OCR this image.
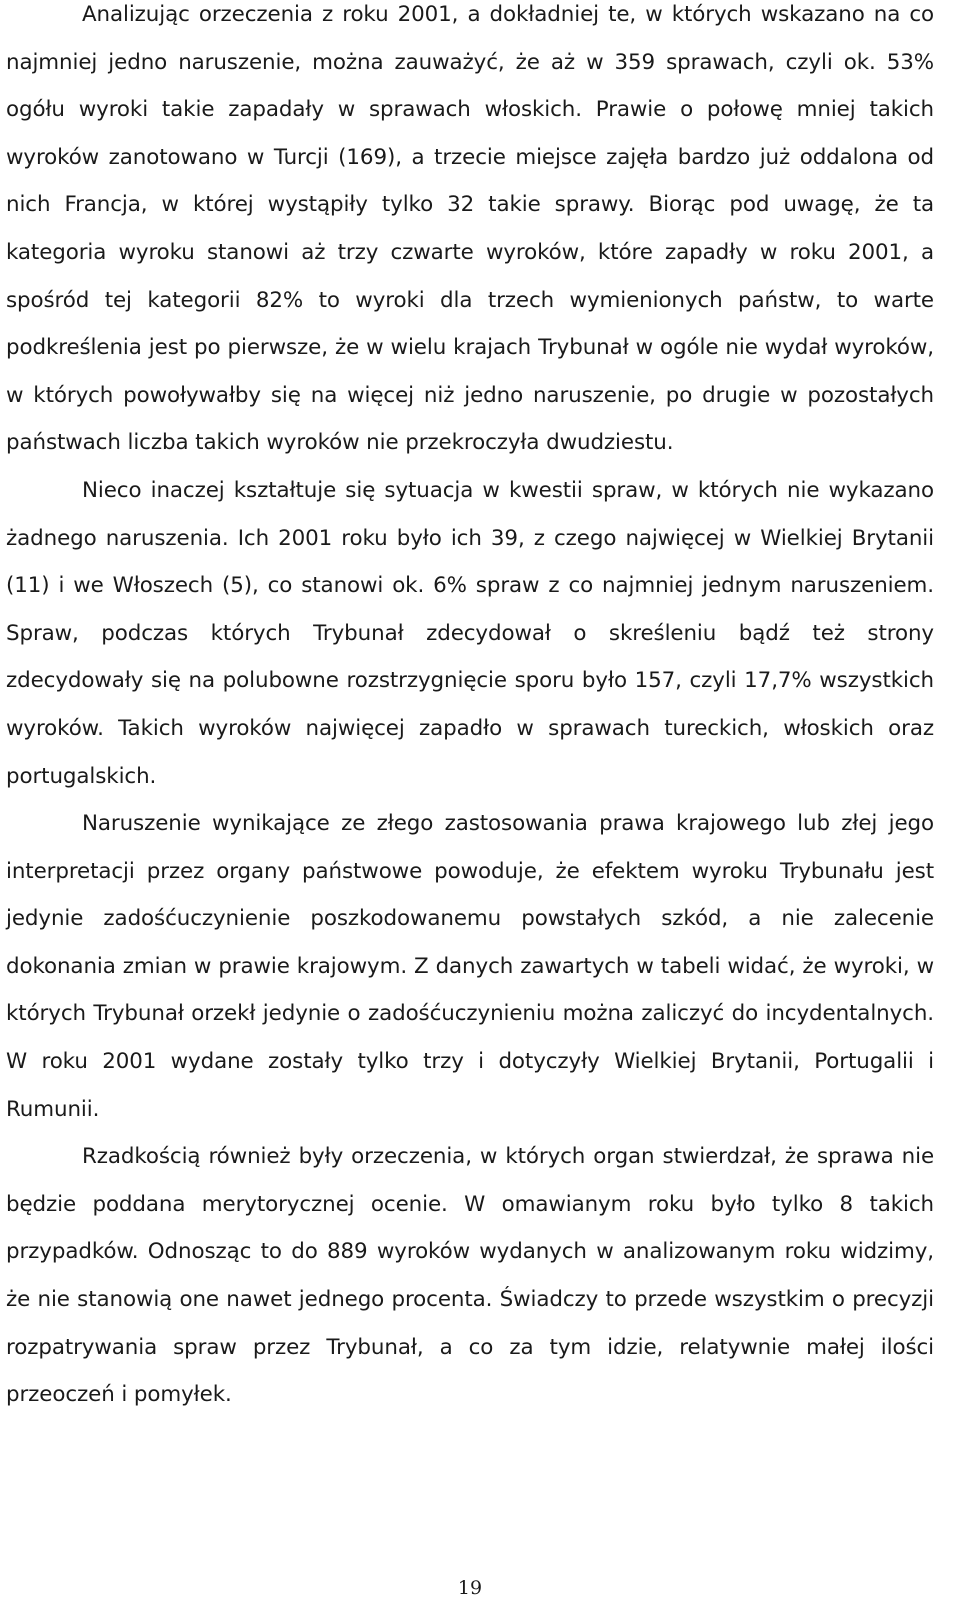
Analizując orzeczenia z roku 2001, a dokładniej te, w których wskazano na co najmniej jedno naruszenie, można zauważyć, że aż w 359 sprawach, czyli ok. 53% ogółu wyroki takie zapadały w sprawach włoskich. Prawie o połowę mniej takich wyroków zanotowano w Turcji (169), a trzecie miejsce zajęła bardzo już oddalona od nich Francja, w której wystąpiły tylko 32 takie sprawy. Biorąc pod uwagę, że ta kategoria wyroku stanowi aż trzy czwarte wyroków, które zapadły w roku 2001, a spośród tej kategorii 82% to wyroki dla trzech wymienionych państw, to warte podkreślenia jest po pierwsze, że w wielu krajach Trybunał w ogóle nie wydał wyroków, w których powoływałby się na więcej niż jedno naruszenie, po drugie w pozostałych państwach liczba takich wyroków nie przekroczyła dwudziestu.

Nieco inaczej kształtuje się sytuacja w kwestii spraw, w których nie wykazano żadnego naruszenia. Ich 2001 roku było ich 39, z czego najwięcej w Wielkiej Brytanii (11) i we Włoszech (5), co stanowi ok. 6% spraw z co najmniej jednym naruszeniem. Spraw, podczas których Trybunał zdecydował o skreśleniu bądź też strony zdecydowały się na polubowne rozstrzygnięcie sporu było 157, czyli 17,7% wszystkich wyroków. Takich wyroków najwięcej zapadło w sprawach tureckich, włoskich oraz portugalskich.

Naruszenie wynikające ze złego zastosowania prawa krajowego lub złej jego interpretacji przez organy państwowe powoduje, że efektem wyroku Trybunału jest jedynie zadośćuczynienie poszkodowanemu powstałych szkód, a nie zalecenie dokonania zmian w prawie krajowym. Z danych zawartych w tabeli widać, że wyroki, w których Trybunał orzekł jedynie o zadośćuczynieniu można zaliczyć do incydentalnych. W roku 2001 wydane zostały tylko trzy i dotyczyły Wielkiej Brytanii, Portugalii i Rumunii.

Rzadkością również były orzeczenia, w których organ stwierdzał, że sprawa nie będzie poddana merytorycznej ocenie. W omawianym roku było tylko 8 takich przypadków. Odnosząc to do 889 wyroków wydanych w analizowanym roku widzimy, że nie stanowią one nawet jednego procenta. Świadczy to przede wszystkim o precyzji rozpatrywania spraw przez Trybunał, a co za tym idzie, relatywnie małej ilości przeoczeń i pomyłek.

19
